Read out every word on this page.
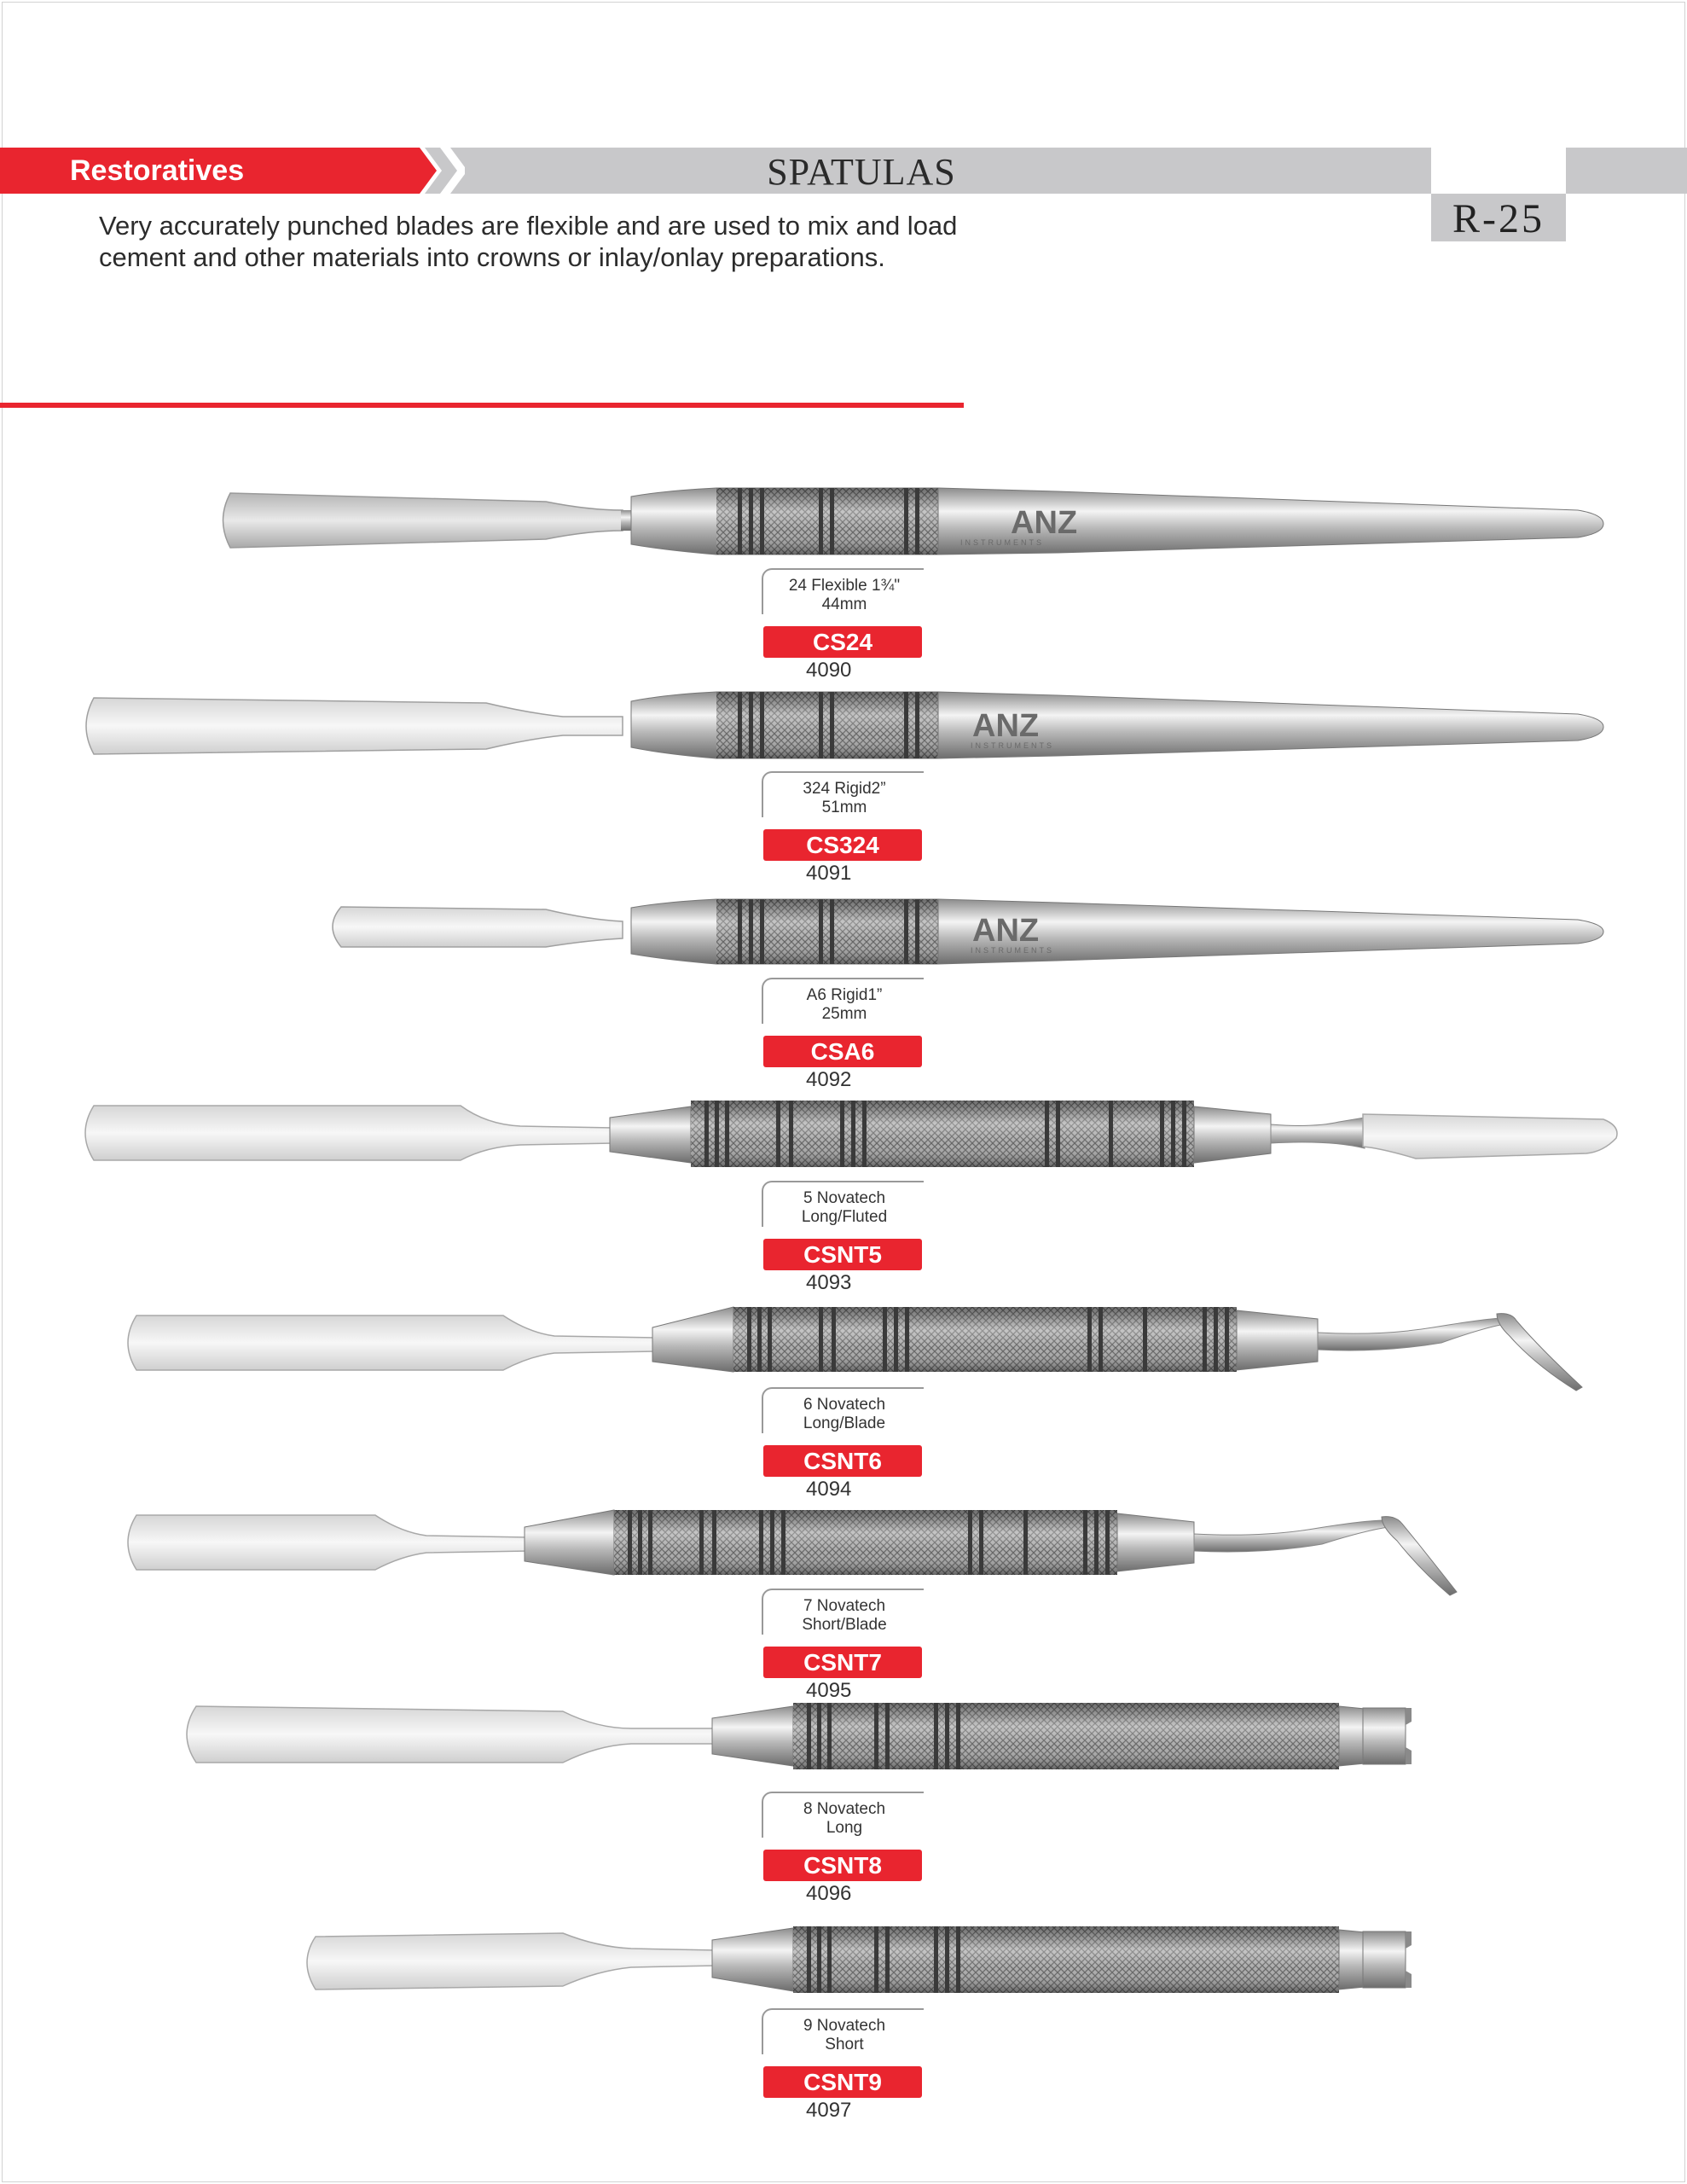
Restoratives	SPATULAS
R-25
Very accurately punched blades are flexible and are used to mix and load cement and other materials into crowns or inlay/onlay preparations.
ANZ
INSTRUMENTS
ANZ
INSTRUMENTS
ANZ
INSTRUMENTS
24 Flexible 1¾"
44mm
CS24
4090
324 Rigid2”
51mm
CS324
4091
A6 Rigid1”
25mm
CSA6
4092
5 Novatech
Long/Fluted
CSNT5
4093
6 Novatech
Long/Blade
CSNT6
4094
7 Novatech
Short/Blade
CSNT7
4095
8 Novatech
Long
CSNT8
4096
9 Novatech
Short
CSNT9
4097
